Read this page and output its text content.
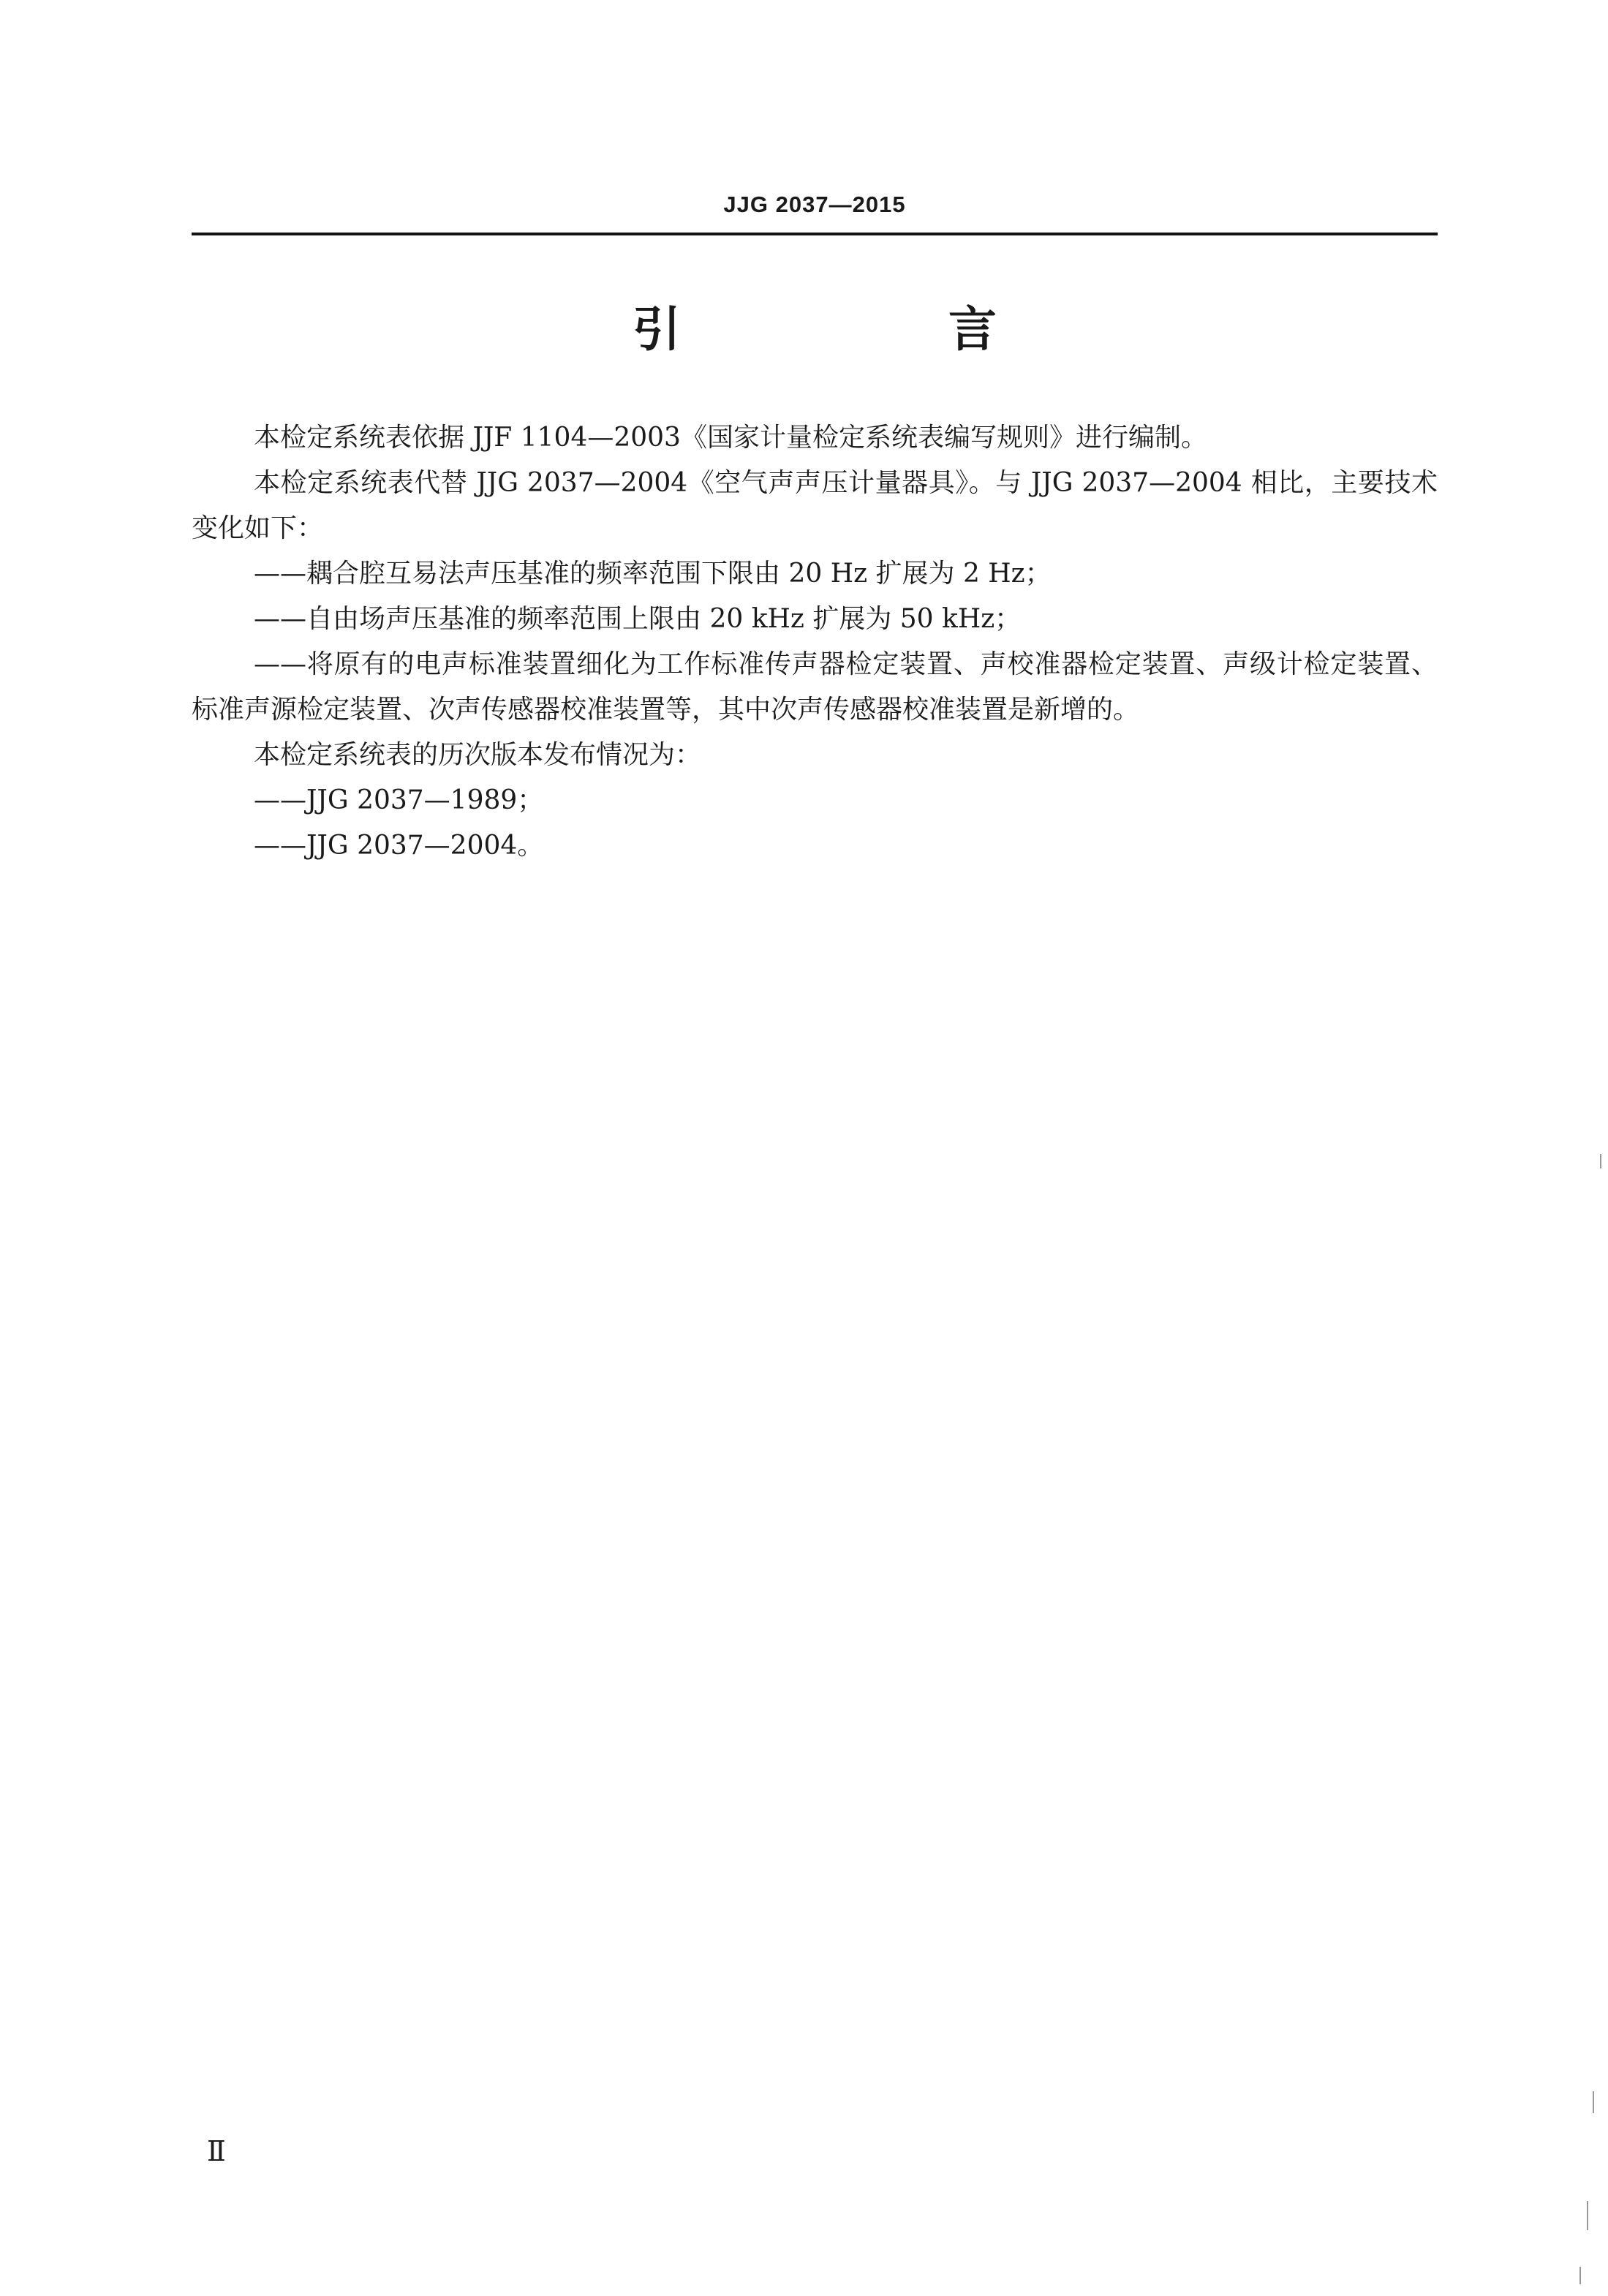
JJG 2037—2015
引　言

本检定系统表依据 JJF 1104—2003《国家计量检定系统表编写规则》进行编制。

本检定系统表代替 JJG 2037—2004《空气声声压计量器具》。与 JJG 2037—2004 相比，主要技术变化如下：

——耦合腔互易法声压基准的频率范围下限由 20 Hz 扩展为 2 Hz；

——自由场声压基准的频率范围上限由 20 kHz 扩展为 50 kHz；

——将原有的电声标准装置细化为工作标准传声器检定装置、声校准器检定装置、声级计检定装置、标准声源检定装置、次声传感器校准装置等，其中次声传感器校准装置是新增的。

本检定系统表的历次版本发布情况为：

——JJG 2037—1989；

——JJG 2037—2004。

Ⅱ
